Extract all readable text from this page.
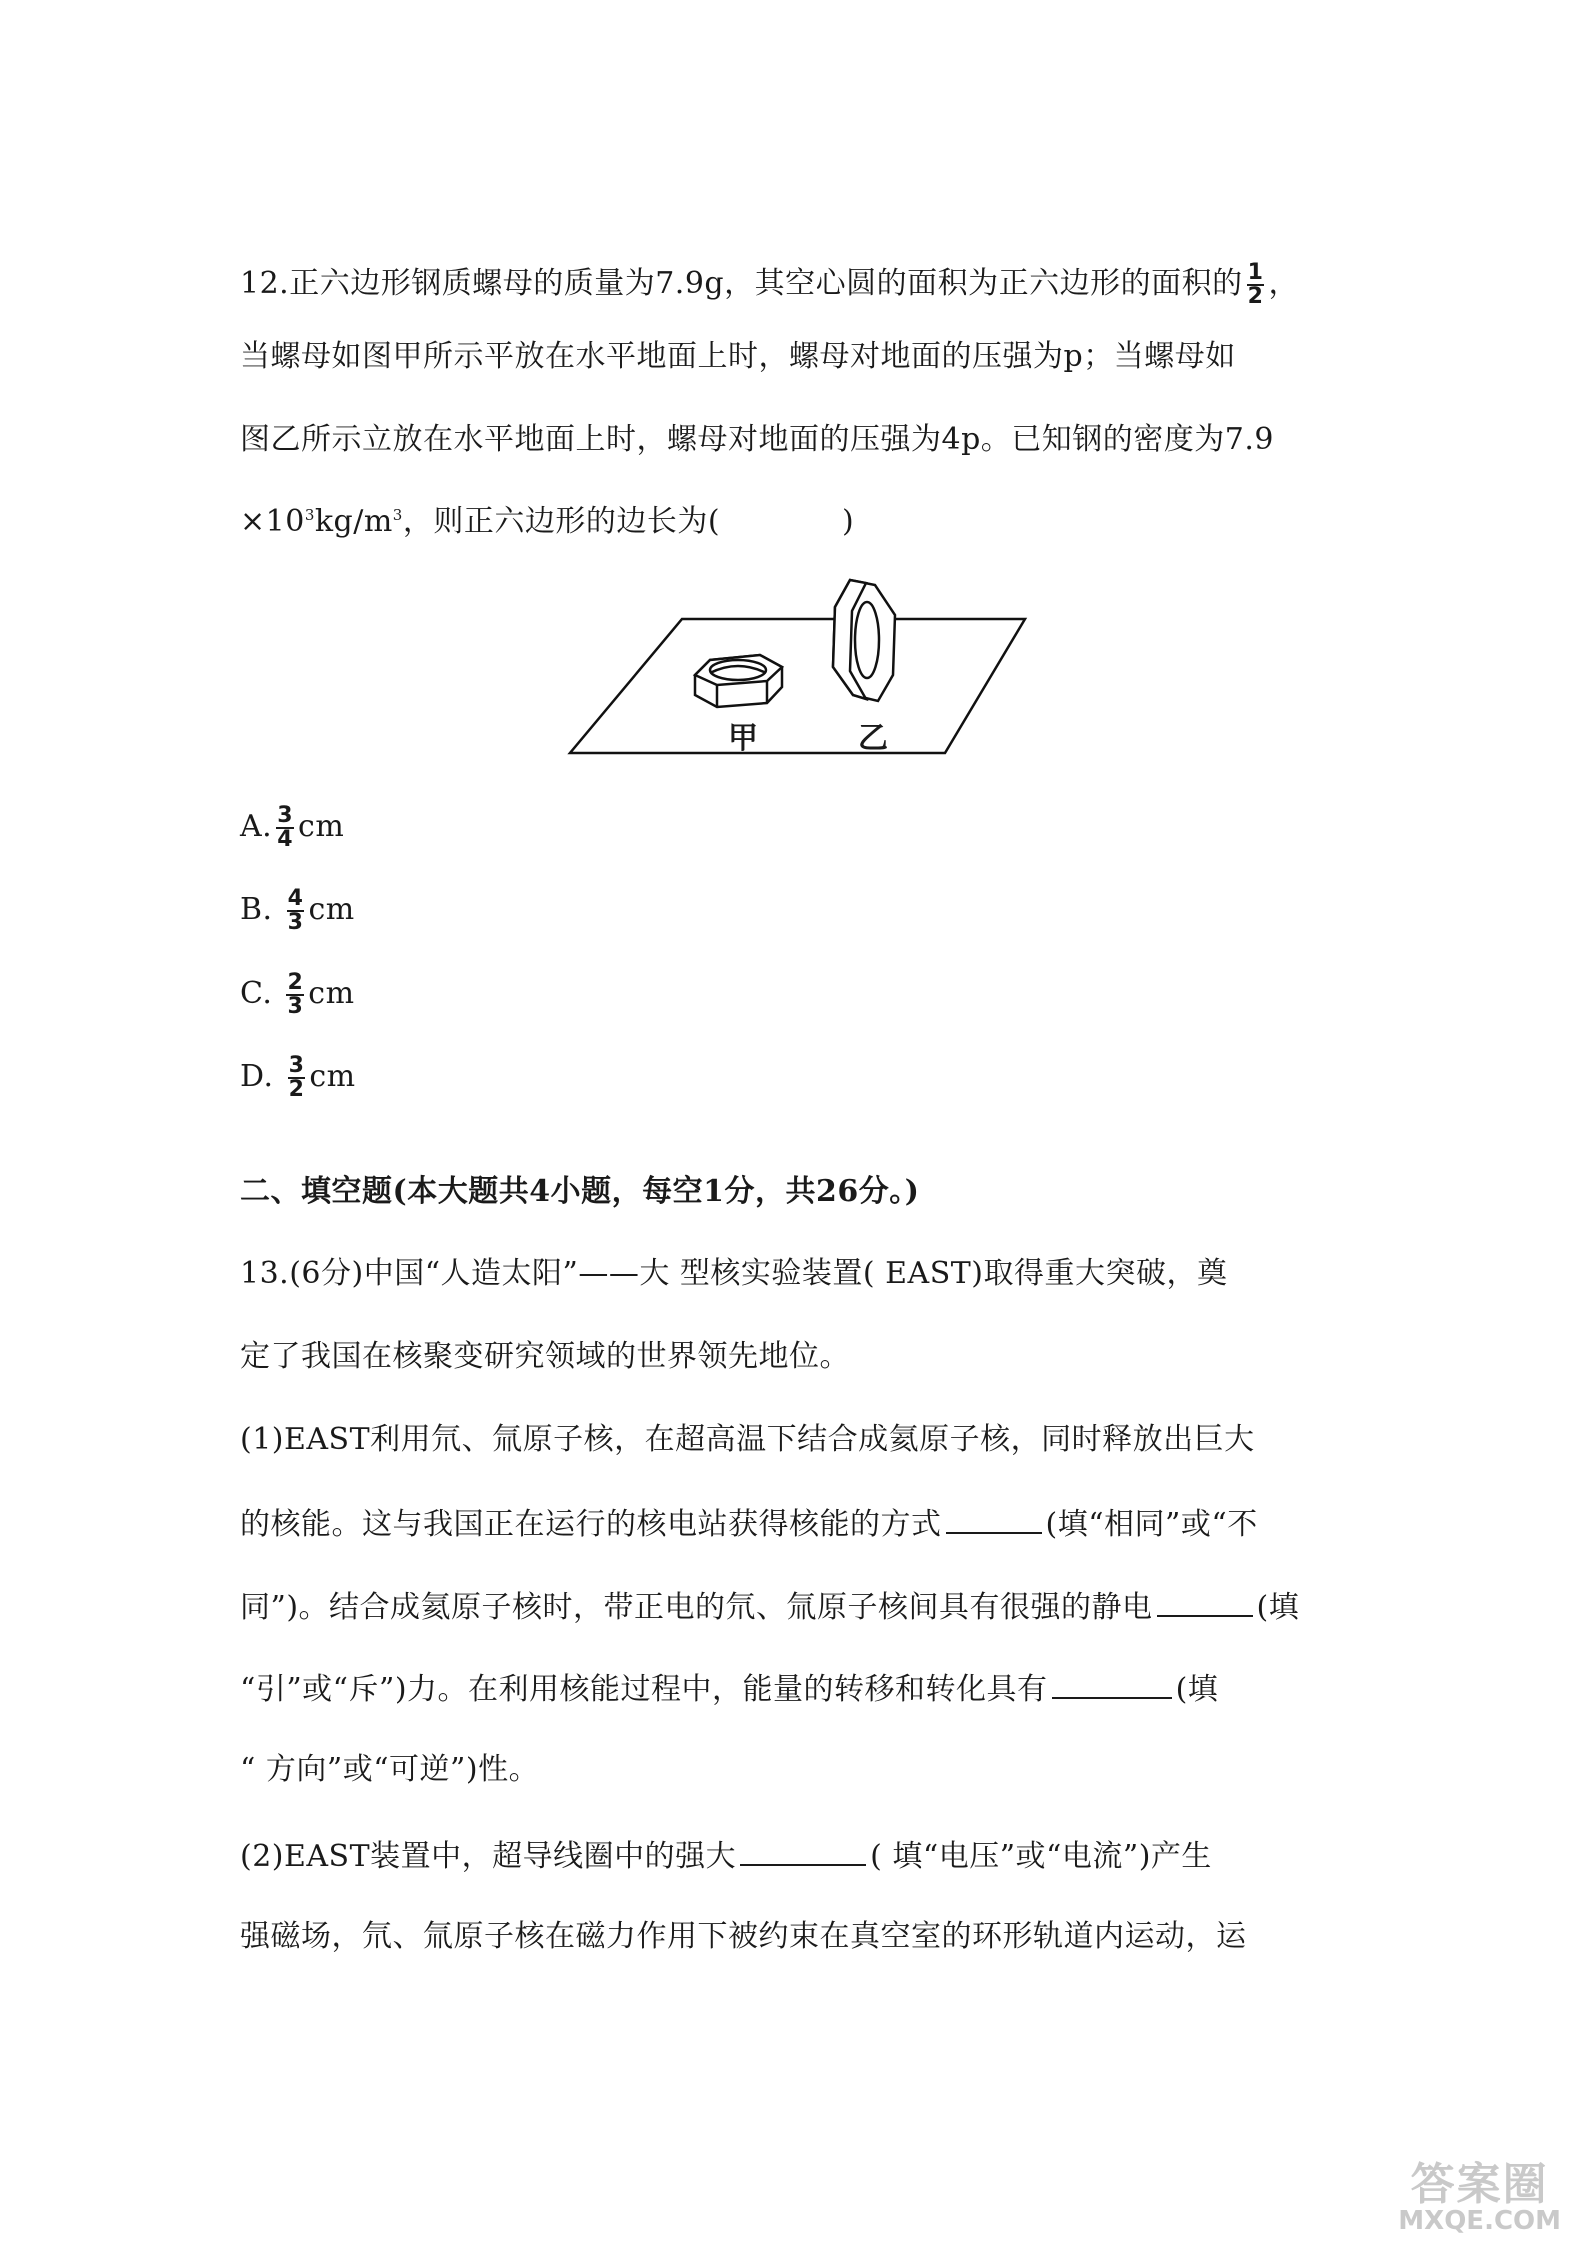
12.正六边形钢质螺母的质量为7.9g，其空心圆的面积为正六边形的面积的 $\frac{1}{2}$ ，
当螺母如图甲所示平放在水平地面上时，螺母对地面的压强为p；当螺母如
图乙所示立放在水平地面上时，螺母对地面的压强为4p。已知钢的密度为7.9
$\times 10^3kg/m^3$，则正六边形的边长为(　　　　)
甲	乙
A. $\frac{3}{4}$ cm
B. $\frac{4}{3}$ cm
C. $\frac{2}{3}$ cm
D. $\frac{3}{2}$ cm
二、填空题(本大题共4小题，每空1分，共26分。)
13.(6分)中国“人造太阳”——大 型核实验装置( EAST)取得重大突破，奠
定了我国在核聚变研究领域的世界领先地位。
(1)EAST利用氘、氚原子核，在超高温下结合成氦原子核，同时释放出巨大
的核能。这与我国正在运行的核电站获得核能的方式	(填“相同”或“不
同”)。结合成氦原子核时，带正电的氘、氚原子核间具有很强的静电	(填
“引”或“斥”)力。在利用核能过程中，能量的转移和转化具有	(填
“ 方向”或“可逆”)性。
(2)EAST装置中，超导线圈中的强大	( 填“电压”或“电流”)产生
强磁场，氘、氚原子核在磁力作用下被约束在真空室的环形轨道内运动，运
答案圈
MXQE.COM
